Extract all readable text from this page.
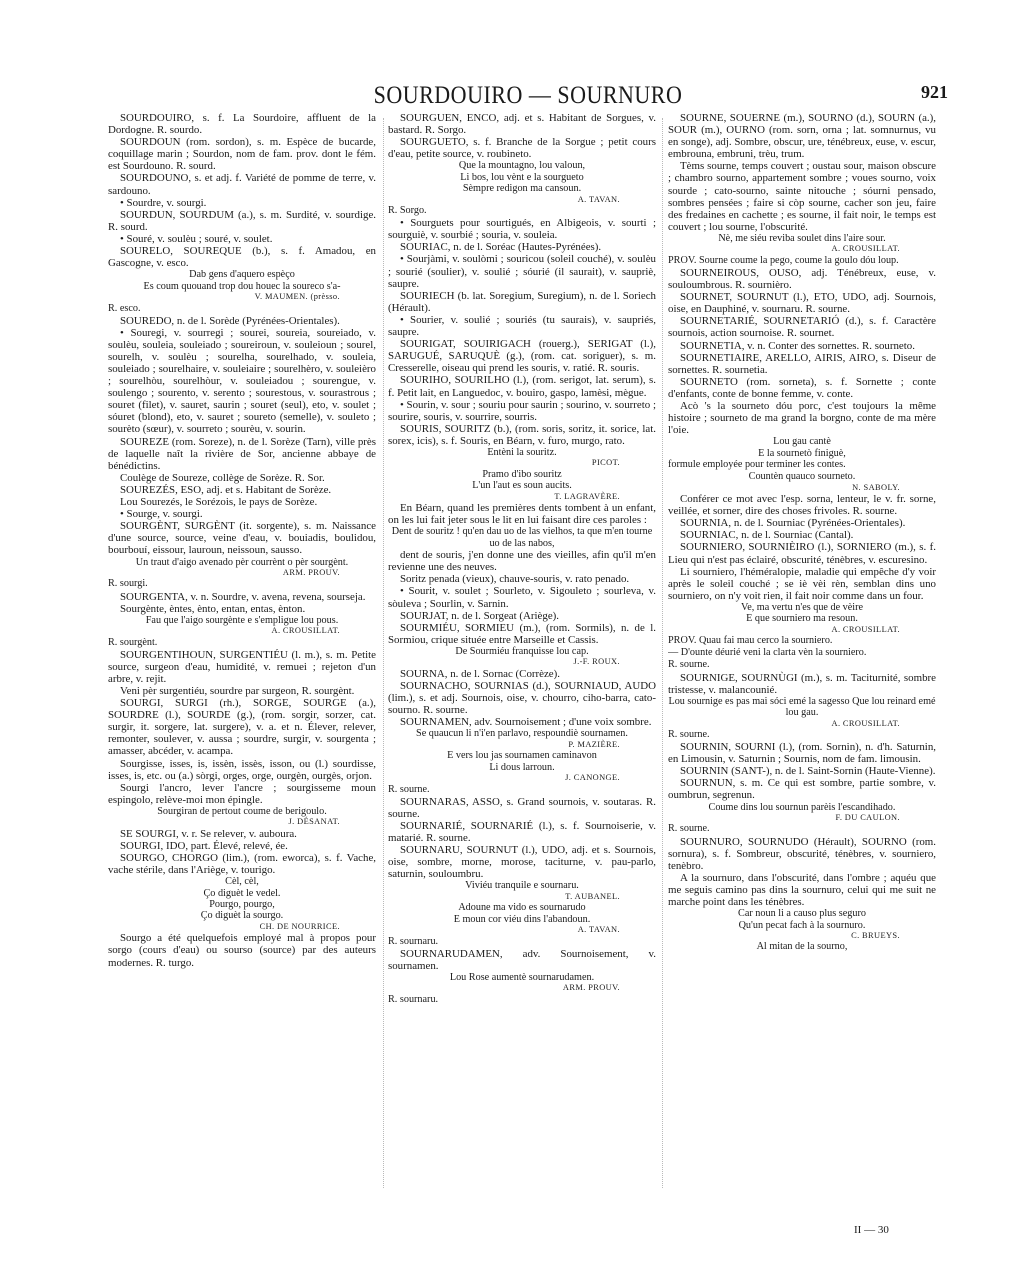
SOURDOUIRO — SOURNURO	921

SOURDOUIRO, s. f. La Sourdoire, affluent de la Dordogne. R. sourdo.

SOURDOUN (rom. sordon), s. m. Espèce de bucarde, coquillage marin ; Sourdon, nom de fam. prov. dont le fém. est Sourdouno. R. sourd.

SOURDOUNO, s. et adj. f. Variété de pomme de terre, v. sardouno.

• Sourdre, v. sourgi.

SOURDUN, SOURDUM (a.), s. m. Surdité, v. sourdige. R. sourd.

• Souré, v. soulèu ; souré, v. soulet.

SOURELO, SOUREQUE (b.), s. f. Amadou, en Gascogne, v. esco.

Dab gens d'aquero espèço

Es coum quouand trop dou houec la soureco s'a-

V. MAUMEN. (prèsso.

R. esco.

SOUREDO, n. de l. Sorède (Pyrénées-Orientales).

• Souregi, v. sourregi ; sourei, soureia, soureiado, v. soulèu, souleia, souleiado ; soureiroun, v. souleioun ; sourel, sourelh, v. soulèu ; sourelha, sourelhado, v. souleia, souleiado ; sourelhaire, v. souleiaire ; sourelhèro, v. souleièro ; sourelhòu, sourelhòur, v. souleiadou ; sourengue, v. soulengo ; sourento, v. serento ; sourestous, v. sourastrous ; souret (filet), v. sauret, saurin ; souret (seul), eto, v. soulet ; sóuret (blond), eto, v. sauret ; soureto (semelle), v. souleto ; sourèto (sœur), v. sourreto ; sourèu, v. sourin.

SOUREZE (rom. Soreze), n. de l. Sorèze (Tarn), ville près de laquelle naît la rivière de Sor, ancienne abbaye de bénédictins.

Coulège de Soureze, collège de Sorèze. R. Sor.

SOUREZÉS, ESO, adj. et s. Habitant de Sorèze.

Lou Sourezés, le Sorézois, le pays de Sorèze.

• Sourge, v. sourgi.

SOURGÈNT, SURGÈNT (it. sorgente), s. m. Naissance d'une source, source, veine d'eau, v. bouiadis, boulidou, bourbouí, eissour, lauroun, neissoun, sausso.

Un traut d'aigo avenado pèr courrènt o pèr sourgènt.

ARM. PROUV.

R. sourgi.

SOURGENTA, v. n. Sourdre, v. avena, revena, sourseja.

Sourgènte, èntes, ènto, entan, entas, ènton.

Fau que l'aigo sourgènte e s'empligue lou pous.

A. CROUSILLAT.

R. sourgènt.

SOURGENTIHOUN, SURGENTIÉU (l. m.), s. m. Petite source, surgeon d'eau, humidité, v. remuei ; rejeton d'un arbre, v. rejit.

Veni pèr surgentiéu, sourdre par surgeon, R. sourgènt.

SOURGI, SURGI (rh.), SORGE, SOURGE (a.), SOURDRE (l.), SOURDE (g.), (rom. sorgir, sorzer, cat. surgir, it. sorgere, lat. surgere), v. a. et n. Élever, relever, remonter, soulever, v. aussa ; sourdre, surgir, v. sourgenta ; amasser, abcéder, v. acampa.

Sourgisse, isses, is, issèn, issès, isson, ou (l.) sourdisse, isses, is, etc. ou (a.) sòrgi, orges, orge, ourgèn, ourgès, orjon.

Sourgi l'ancro, lever l'ancre ; sourgisseme moun espingolo, relève-moi mon épingle.

Sourgiran de pertout coume de berigoulo.

J. DÉSANAT.

SE SOURGI, v. r. Se relever, v. auboura.

SOURGI, IDO, part. Élevé, relevé, ée.

SOURGO, CHORGO (lim.), (rom. eworca), s. f. Vache, vache stérile, dans l'Ariège, v. tourigo.

Cèl, cèl,

Ço diguèt le vedel.

Pourgo, pourgo,

Ço diguèt la sourgo.

CH. DE NOURRICE.

Sourgo a été quelquefois employé mal à propos pour sorgo (cours d'eau) ou sourso (source) par des auteurs modernes. R. turgo.

SOURGUEN, ENCO, adj. et s. Habitant de Sorgues, v. bastard. R. Sorgo.

SOURGUETO, s. f. Branche de la Sorgue ; petit cours d'eau, petite source, v. roubineto.

Que la mountagno, lou valoun,

Li bos, lou vènt e la sourgueto

Sèmpre redigon ma cansoun.

A. TAVAN.

R. Sorgo.

• Sourguets pour sourtigués, en Albigeois, v. sourti ; sourguiè, v. sourbié ; souria, v. souleia.

SOURIAC, n. de l. Soréac (Hautes-Pyrénées).

• Sourjàmi, v. soulòmi ; souricou (soleil couché), v. soulèu ; sourié (soulier), v. soulié ; sóurié (il saurait), v. saupriè, saupre.

SOURIECH (b. lat. Soregium, Suregium), n. de l. Soriech (Hérault).

• Sourier, v. soulié ; souriés (tu saurais), v. saupriés, saupre.

SOURIGAT, SOUIRIGACH (rouerg.), SERIGAT (l.), SARUGUÉ, SARUQUÈ (g.), (rom. cat. soriguer), s. m. Cresserelle, oiseau qui prend les souris, v. ratié. R. souris.

SOURIHO, SOURILHO (l.), (rom. serigot, lat. serum), s. f. Petit lait, en Languedoc, v. bouiro, gaspo, lamèsi, mègue.

• Sourin, v. sour ; souriu pour saurin ; sourino, v. sourreto ; sourire, souris, v. sourrire, sourris.

SOURIS, SOURITZ (b.), (rom. soris, soritz, it. sorice, lat. sorex, icis), s. f. Souris, en Béarn, v. furo, murgo, rato.

Entèni la souritz.

PICOT.

Pramo d'ibo souritz

L'un l'aut es soun aucits.

T. LAGRAVÈRE.

En Béarn, quand les premières dents tombent à un enfant, on les lui fait jeter sous le lit en lui faisant dire ces paroles :

Dent de souritz ! qu'en dau uo de las vielhos, ta que m'en tourne uo de las nabos,

dent de souris, j'en donne une des vieilles, afin qu'il m'en revienne une des neuves.

Soritz penada (vieux), chauve-souris, v. rato penado.

• Sourit, v. soulet ; Sourleto, v. Sigouleto ; sourleva, v. sòuleva ; Sourlin, v. Sarnin.

SOURJAT, n. de l. Sorgeat (Ariège).

SOURMIÉU, SORMIEU (m.), (rom. Sormils), n. de l. Sormiou, crique située entre Marseille et Cassis.

De Sourmiéu franquisse lou cap.

J.-F. ROUX.

SOURNA, n. de l. Sornac (Corrèze).

SOURNACHO, SOURNIAS (d.), SOURNIAUD, AUDO (lim.), s. et adj. Sournois, oise, v. chourro, ciho-barra, cato-sourno. R. sourne.

SOURNAMEN, adv. Sournoisement ; d'une voix sombre.

Se quaucun li n'i'en parlavo, respoundiè sournamen.

P. MAZIÈRE.

E vers lou jas sournamen caminavon

Li dous larroun.

J. CANONGE.

R. sourne.

SOURNARAS, ASSO, s. Grand sournois, v. soutaras. R. sourne.

SOURNARIÉ, SOURNARIÉ (l.), s. f. Sournoiserie, v. matarié. R. sourne.

SOURNARU, SOURNUT (l.), UDO, adj. et s. Sournois, oise, sombre, morne, morose, taciturne, v. pau-parlo, saturnin, souloumbru.

Viviéu tranquile e sournaru.

T. AUBANEL.

Adoune ma vido es sournarudo

E moun cor viéu dins l'abandoun.

A. TAVAN.

R. sournaru.

SOURNARUDAMEN, adv. Sournoisement, v. sournamen.

Lou Rose aumentè sournarudamen.

ARM. PROUV.

R. sournaru.

SOURNE, SOUERNE (m.), SOURNO (d.), SOURN (a.), SOUR (m.), OURNO (rom. sorn, orna ; lat. somnurnus, vu en songe), adj. Sombre, obscur, ure, ténébreux, euse, v. escur, embrouna, embruni, trèu, trum.

Tèms sourne, temps couvert ; oustau sour, maison obscure ; chambro sourno, appartement sombre ; voues sourno, voix sourde ; cato-sourno, sainte nitouche ; sóurni pensado, sombres pensées ; faire si còp sourne, cacher son jeu, faire des fredaines en cachette ; es sourne, il fait noir, le temps est couvert ; lou sourne, l'obscurité.

Nè, me siéu reviba soulet dins l'aire sour.

A. CROUSILLAT.

PROV. Sourne coume la pego, coume la goulo dóu loup.

SOURNEIROUS, OUSO, adj. Ténébreux, euse, v. souloumbrous. R. sournièro.

SOURNET, SOURNUT (l.), ETO, UDO, adj. Sournois, oise, en Dauphiné, v. sournaru. R. sourne.

SOURNETARIÉ, SOURNETARIÓ (d.), s. f. Caractère sournois, action sournoise. R. sournet.

SOURNETIA, v. n. Conter des sornettes. R. sourneto.

SOURNETIAIRE, ARELLO, AIRIS, AIRO, s. Diseur de sornettes. R. sournetia.

SOURNETO (rom. sorneta), s. f. Sornette ; conte d'enfants, conte de bonne femme, v. conte.

Acò 's la sourneto dóu porc, c'est toujours la même histoire ; sourneto de ma grand la borgno, conte de ma mère l'oie.

Lou gau cantè

E la sournetò finiguè,

formule employée pour terminer les contes.

Countèn quauco sourneto.

N. SABOLY.

Conférer ce mot avec l'esp. sorna, lenteur, le v. fr. sorne, veillée, et sorner, dire des choses frivoles. R. sourne.

SOURNIA, n. de l. Sourniac (Pyrénées-Orientales).

SOURNIAC, n. de l. Sourniac (Cantal).

SOURNIERO, SOURNIÈIRO (l.), SORNIERO (m.), s. f. Lieu qui n'est pas éclairé, obscurité, ténèbres, v. escuresino.

Li sourniero, l'héméralopie, maladie qui empêche d'y voir après le soleil couché ; se iè vèi rèn, semblan dins uno sourniero, on n'y voit rien, il fait noir comme dans un four.

Ve, ma vertu n'es que de vèire

E que sourniero ma resoun.

A. CROUSILLAT.

PROV. Quau fai mau cerco la sourniero.

— D'ounte déurié veni la clarta vèn la sourniero.

R. sourne.

SOURNIGE, SOURNÙGI (m.), s. m. Taciturnité, sombre tristesse, v. malancounié.

Lou sournige es pas mai sóci emé la sagesso Que lou reinard emé lou gau.

A. CROUSILLAT.

R. sourne.

SOURNIN, SOURNI (l.), (rom. Sornin), n. d'h. Saturnin, en Limousin, v. Saturnin ; Sournis, nom de fam. limousin.

SOURNIN (SANT-), n. de l. Saint-Sornin (Haute-Vienne).

SOURNUN, s. m. Ce qui est sombre, partie sombre, v. oumbrun, segrenun.

Coume dins lou sournun parèis l'escandihado.

F. DU CAULON.

R. sourne.

SOURNURO, SOURNUDO (Hérault), SOURNO (rom. sornura), s. f. Sombreur, obscurité, ténèbres, v. sourniero, tenèbro.

A la sournuro, dans l'obscurité, dans l'ombre ; aquéu que me seguis camino pas dins la sournuro, celui qui me suit ne marche point dans les ténèbres.

Car noun li a causo plus seguro

Qu'un pecat fach à la sournuro.

C. BRUEYS.

Al mitan de la sourno,

II — 30
